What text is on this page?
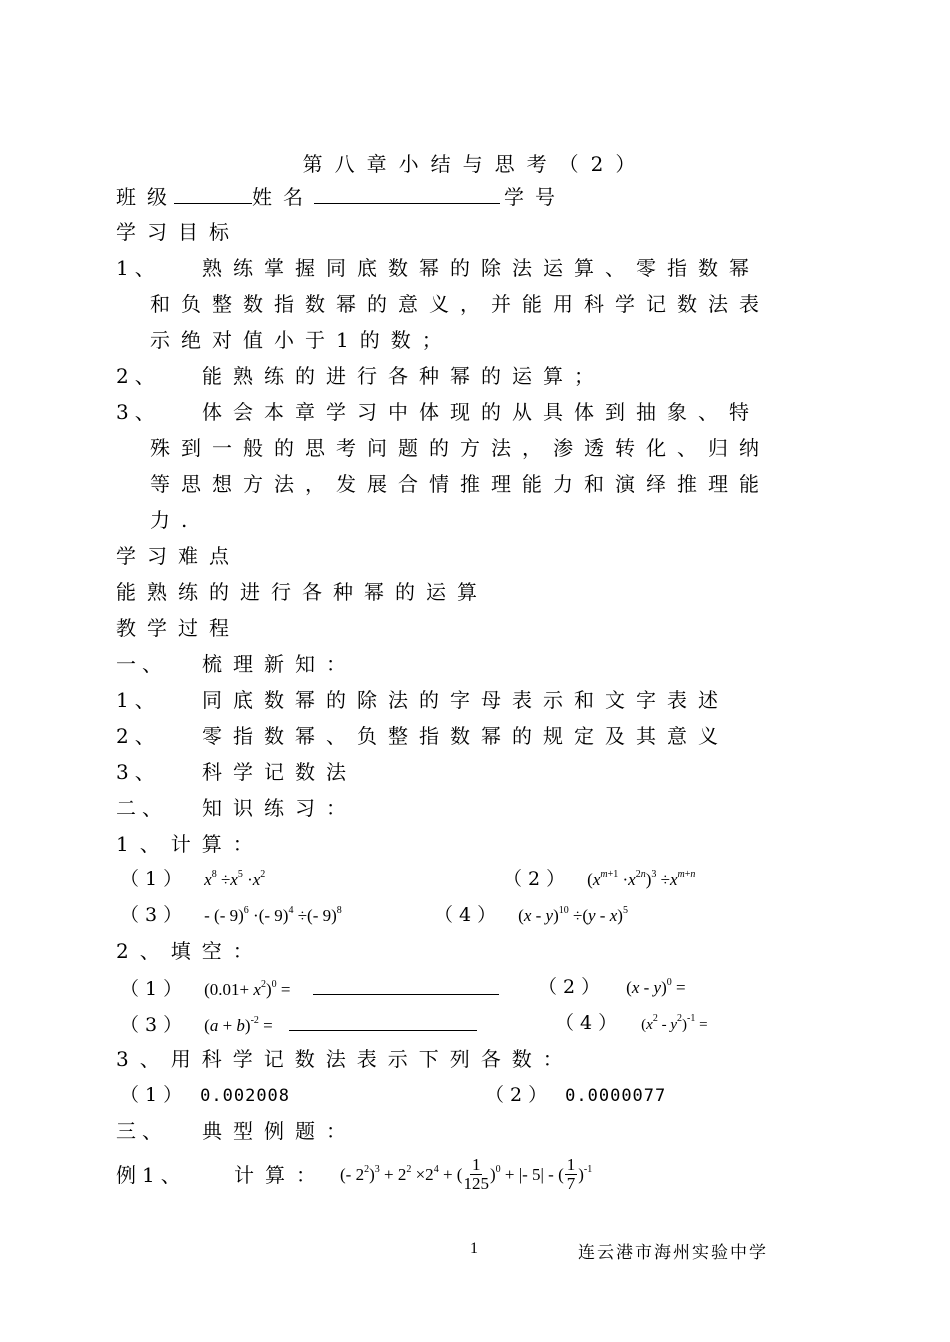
第八章小结与思考（2）
班级	姓名	学号
学习目标
1、 熟练掌握同底数幂的除法运算、零指数幂
和负整数指数幂的意义，并能用科学记数法表
示绝对值小于1的数；
2、 能熟练的进行各种幂的运算；
3、 体会本章学习中体现的从具体到抽象、特
殊到一般的思考问题的方法，渗透转化、归纳
等思想方法，发展合情推理能力和演绎推理能
力.
学习难点
能熟练的进行各种幂的运算
教学过程
一、 梳理新知：
1、 同底数幂的除法的字母表示和文字表述
2、 零指数幂、负整指数幂的规定及其意义
3、 科学记数法
二、 知识练习：
1、计算：
（1） $x^8 \div x^5 \cdot x^2$	（2） $(x^{m+1} \cdot x^{2n})^3 \div x^{m+n}$
（3） - (- 9)$^6$ ·(- 9)$^4$ ÷(- 9)$^8$	（4） (x - y)$^{10}$ ÷(y - x)$^5$
2、填空：
（1） $(0.01+ x^2)^0$ =	（2） (x - y)$^0$ =
（3） $(a + b)^{-2}$ =	（4） $(x^2 - y^2)^{-1}$ =
3、用科学记数法表示下列各数：
（1） 0.002008	（2） 0.0000077
三、 典型例题：
例1、 计算： (- $2^2)^3 + 2^2 \times 2^4$ + ( $\frac{1}{125} )^0$ + |- 5| - ( $\frac{1}{7} )^{-1}$
1	连云港市海州实验中学
